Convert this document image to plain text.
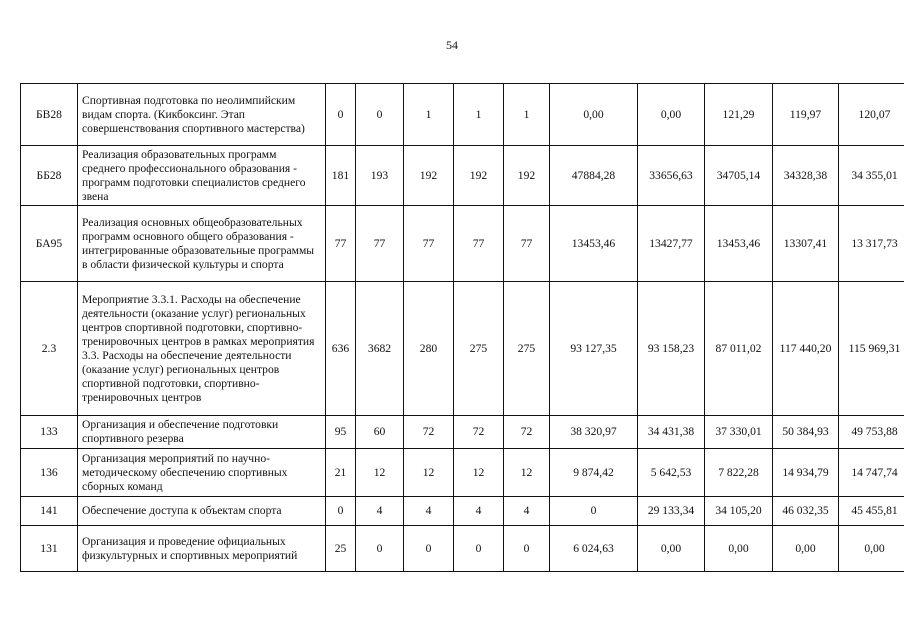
54
БВ28	Спортивная подготовка по неолимпийским видам спорта. (Кикбоксинг. Этап совершенствования спортивного мастерства)	0	0	1	1	1	0,00	0,00	121,29	119,97	120,07
ББ28	Реализация образовательных программ среднего профессионального образования - программ подготовки специалистов среднего звена	181	193	192	192	192	47884,28	33656,63	34705,14	34328,38	34 355,01
БА95	Реализация основных общеобразовательных программ основного общего образования - интегрированные образовательные программы в области физической культуры и спорта	77	77	77	77	77	13453,46	13427,77	13453,46	13307,41	13 317,73
2.3	Мероприятие 3.3.1. Расходы на обеспечение деятельности (оказание услуг) региональных центров спортивной подготовки, спортивно-тренировочных центров в рамках мероприятия 3.3. Расходы на обеспечение деятельности (оказание услуг) региональных центров спортивной подготовки, спортивно-тренировочных центров	636	3682	280	275	275	93 127,35	93 158,23	87 011,02	117 440,20	115 969,31
133	Организация и обеспечение подготовки спортивного резерва	95	60	72	72	72	38 320,97	34 431,38	37 330,01	50 384,93	49 753,88
136	Организация мероприятий по научно-методическому обеспечению спортивных сборных команд	21	12	12	12	12	9 874,42	5 642,53	7 822,28	14 934,79	14 747,74
141	Обеспечение доступа к объектам спорта	0	4	4	4	4	0	29 133,34	34 105,20	46 032,35	45 455,81
131	Организация и проведение официальных физкультурных и спортивных мероприятий	25	0	0	0	0	6 024,63	0,00	0,00	0,00	0,00
